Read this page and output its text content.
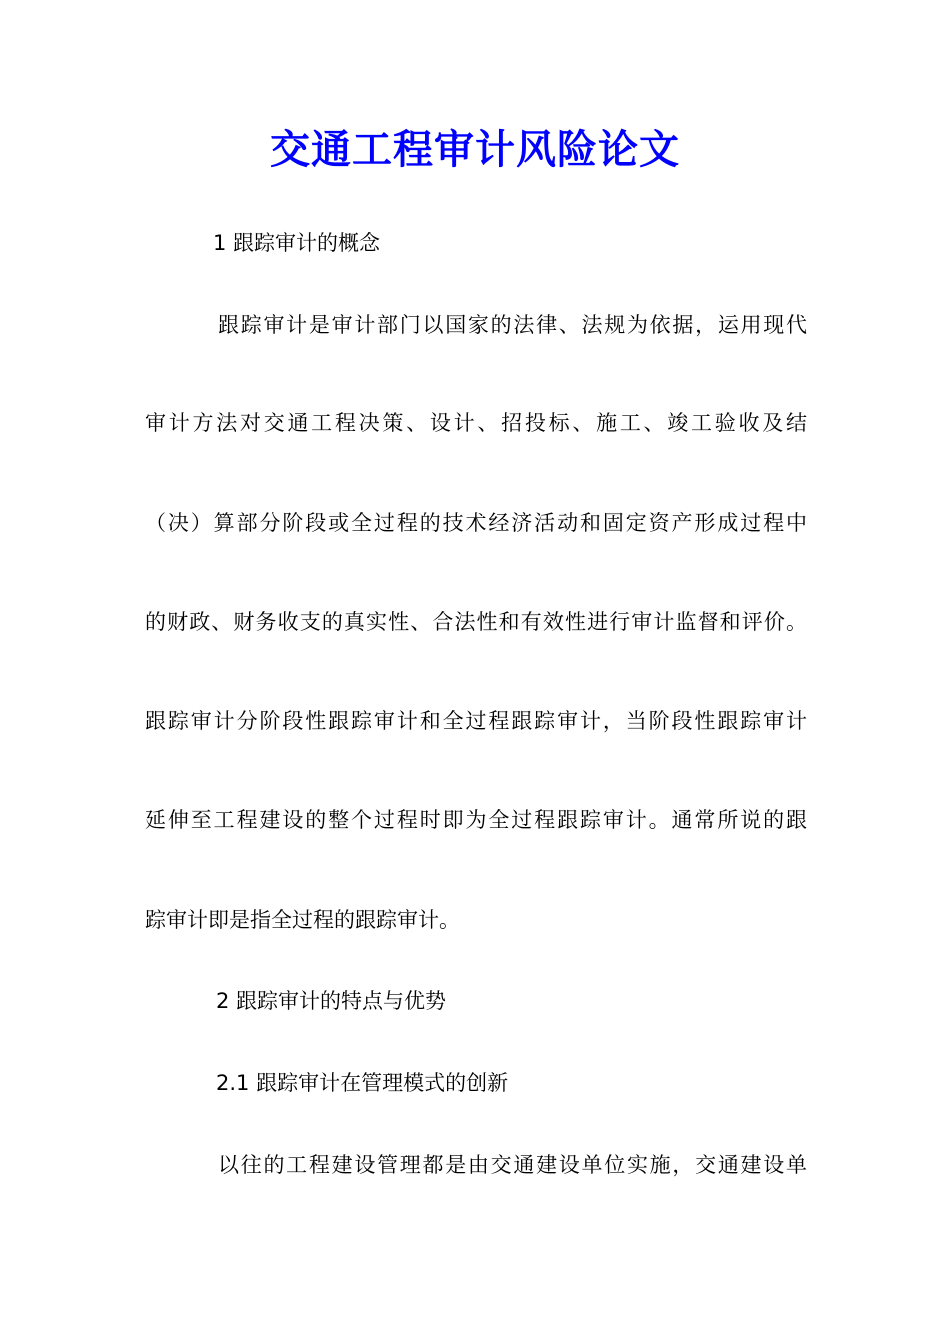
交通工程审计风险论文
1 跟踪审计的概念
跟踪审计是审计部门以国家的法律、法规为依据，运用现代
审计方法对交通工程决策、设计、招投标、施工、竣工验收及结
（决）算部分阶段或全过程的技术经济活动和固定资产形成过程中
的财政、财务收支的真实性、合法性和有效性进行审计监督和评价。
跟踪审计分阶段性跟踪审计和全过程跟踪审计，当阶段性跟踪审计
延伸至工程建设的整个过程时即为全过程跟踪审计。通常所说的跟
踪审计即是指全过程的跟踪审计。
2 跟踪审计的特点与优势
2.1 跟踪审计在管理模式的创新
以往的工程建设管理都是由交通建设单位实施，交通建设单
